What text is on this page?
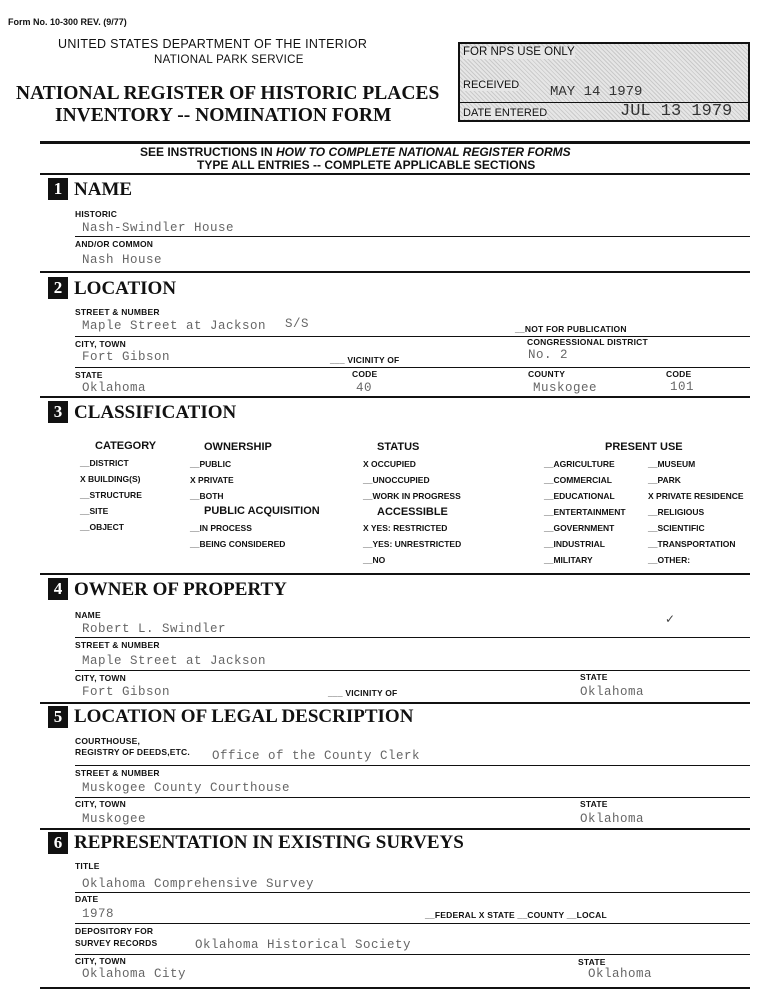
Form No. 10-300 REV. (9/77)
UNITED STATES DEPARTMENT OF THE INTERIOR
NATIONAL PARK SERVICE
NATIONAL REGISTER OF HISTORIC PLACES
INVENTORY -- NOMINATION FORM
FOR NPS USE ONLY
RECEIVED MAY 14 1979
DATE ENTERED	JUL 13 1979
SEE INSTRUCTIONS IN HOW TO COMPLETE NATIONAL REGISTER FORMS
TYPE ALL ENTRIES -- COMPLETE APPLICABLE SECTIONS
1 NAME
HISTORIC
Nash-Swindler House
AND/OR COMMON
Nash House
2 LOCATION
STREET & NUMBER
Maple Street at Jackson S/S	__NOT FOR PUBLICATION
CITY, TOWN	CONGRESSIONAL DISTRICT
Fort Gibson	___ VICINITY OF	No. 2
STATE	CODE	COUNTY	CODE
Oklahoma	40	Muskogee	101
3 CLASSIFICATION
CATEGORY
__DISTRICT
X BUILDING(S)
__STRUCTURE
__SITE
__OBJECT
OWNERSHIP
__PUBLIC
X PRIVATE
__BOTH
PUBLIC ACQUISITION
__IN PROCESS
__BEING CONSIDERED
STATUS
X OCCUPIED
__UNOCCUPIED
__WORK IN PROGRESS
ACCESSIBLE
X YES: RESTRICTED
__YES: UNRESTRICTED
__NO
PRESENT USE
__AGRICULTURE
__COMMERCIAL
__EDUCATIONAL
__ENTERTAINMENT
__GOVERNMENT
__INDUSTRIAL
__MILITARY
__MUSEUM
__PARK
X PRIVATE RESIDENCE
__RELIGIOUS
__SCIENTIFIC
__TRANSPORTATION
__OTHER:
4 OWNER OF PROPERTY
NAME
Robert L. Swindler
✓
STREET & NUMBER
Maple Street at Jackson
CITY, TOWN	STATE
Fort Gibson	___ VICINITY OF	Oklahoma
5 LOCATION OF LEGAL DESCRIPTION
COURTHOUSE,
REGISTRY OF DEEDS,ETC. Office of the County Clerk
STREET & NUMBER
Muskogee County Courthouse
CITY, TOWN	STATE
Muskogee	Oklahoma
6 REPRESENTATION IN EXISTING SURVEYS
TITLE
Oklahoma Comprehensive Survey
DATE
1978	__FEDERAL X STATE __COUNTY __LOCAL
DEPOSITORY FOR
SURVEY RECORDS	Oklahoma Historical Society
CITY, TOWN	STATE
Oklahoma City	Oklahoma
